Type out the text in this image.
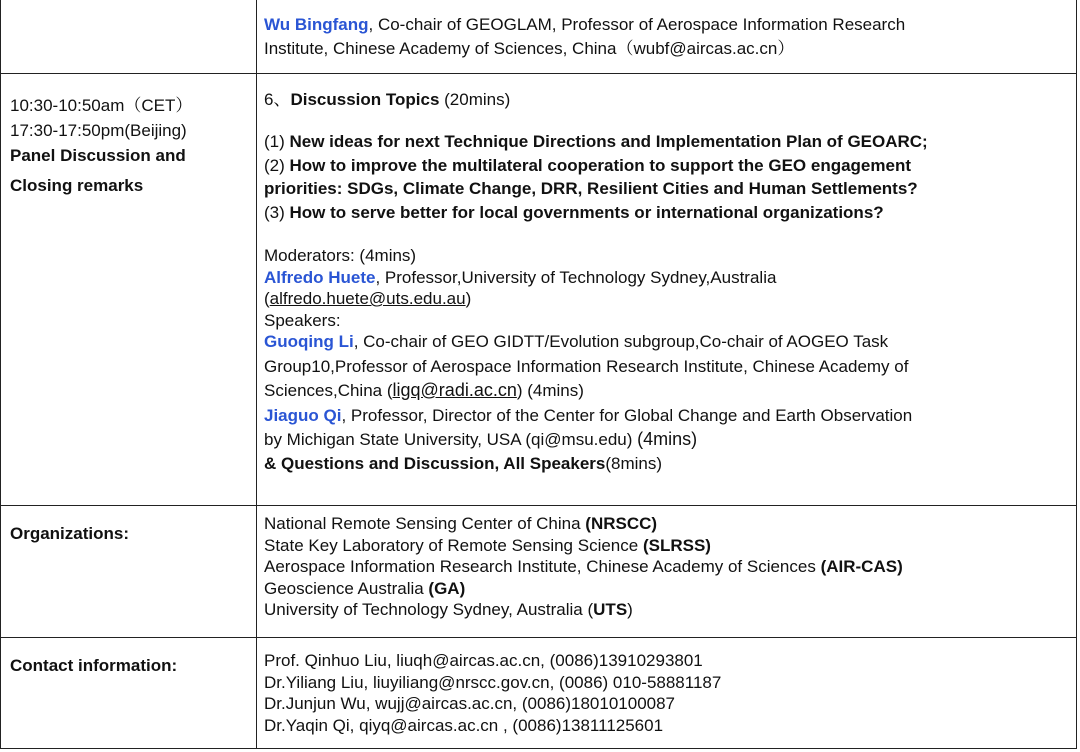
Wu Bingfang, Co-chair of GEOGLAM, Professor of Aerospace Information Research
Institute, Chinese Academy of Sciences, China（wubf@aircas.ac.cn）
10:30-10:50am（CET）
17:30-17:50pm(Beijing)
Panel Discussion and
Closing remarks
6、Discussion Topics (20mins)
(1) New ideas for next Technique Directions and Implementation Plan of GEOARC;
(2) How to improve the multilateral cooperation to support the GEO engagement
priorities: SDGs, Climate Change, DRR, Resilient Cities and Human Settlements?
(3) How to serve better for local governments or international organizations?
Moderators: (4mins)
Alfredo Huete, Professor,University of Technology Sydney,Australia
(alfredo.huete@uts.edu.au)
Speakers:
Guoqing Li, Co-chair of GEO GIDTT/Evolution subgroup,Co-chair of AOGEO Task
Group10,Professor of Aerospace Information Research Institute, Chinese Academy of
Sciences,China (ligq@radi.ac.cn) (4mins)
Jiaguo Qi, Professor, Director of the Center for Global Change and Earth Observation
by Michigan State University, USA (qi@msu.edu) (4mins)
& Questions and Discussion, All Speakers(8mins)
Organizations:
National Remote Sensing Center of China (NRSCC)
State Key Laboratory of Remote Sensing Science (SLRSS)
Aerospace Information Research Institute, Chinese Academy of Sciences (AIR-CAS)
Geoscience Australia (GA)
University of Technology Sydney, Australia (UTS)
Contact information:	Prof. Qinhuo Liu, liuqh@aircas.ac.cn, (0086)13910293801
Dr.Yiliang Liu, liuyiliang@nrscc.gov.cn, (0086) 010-58881187
Dr.Junjun Wu, wujj@aircas.ac.cn, (0086)18010100087
Dr.Yaqin Qi, qiyq@aircas.ac.cn , (0086)13811125601
